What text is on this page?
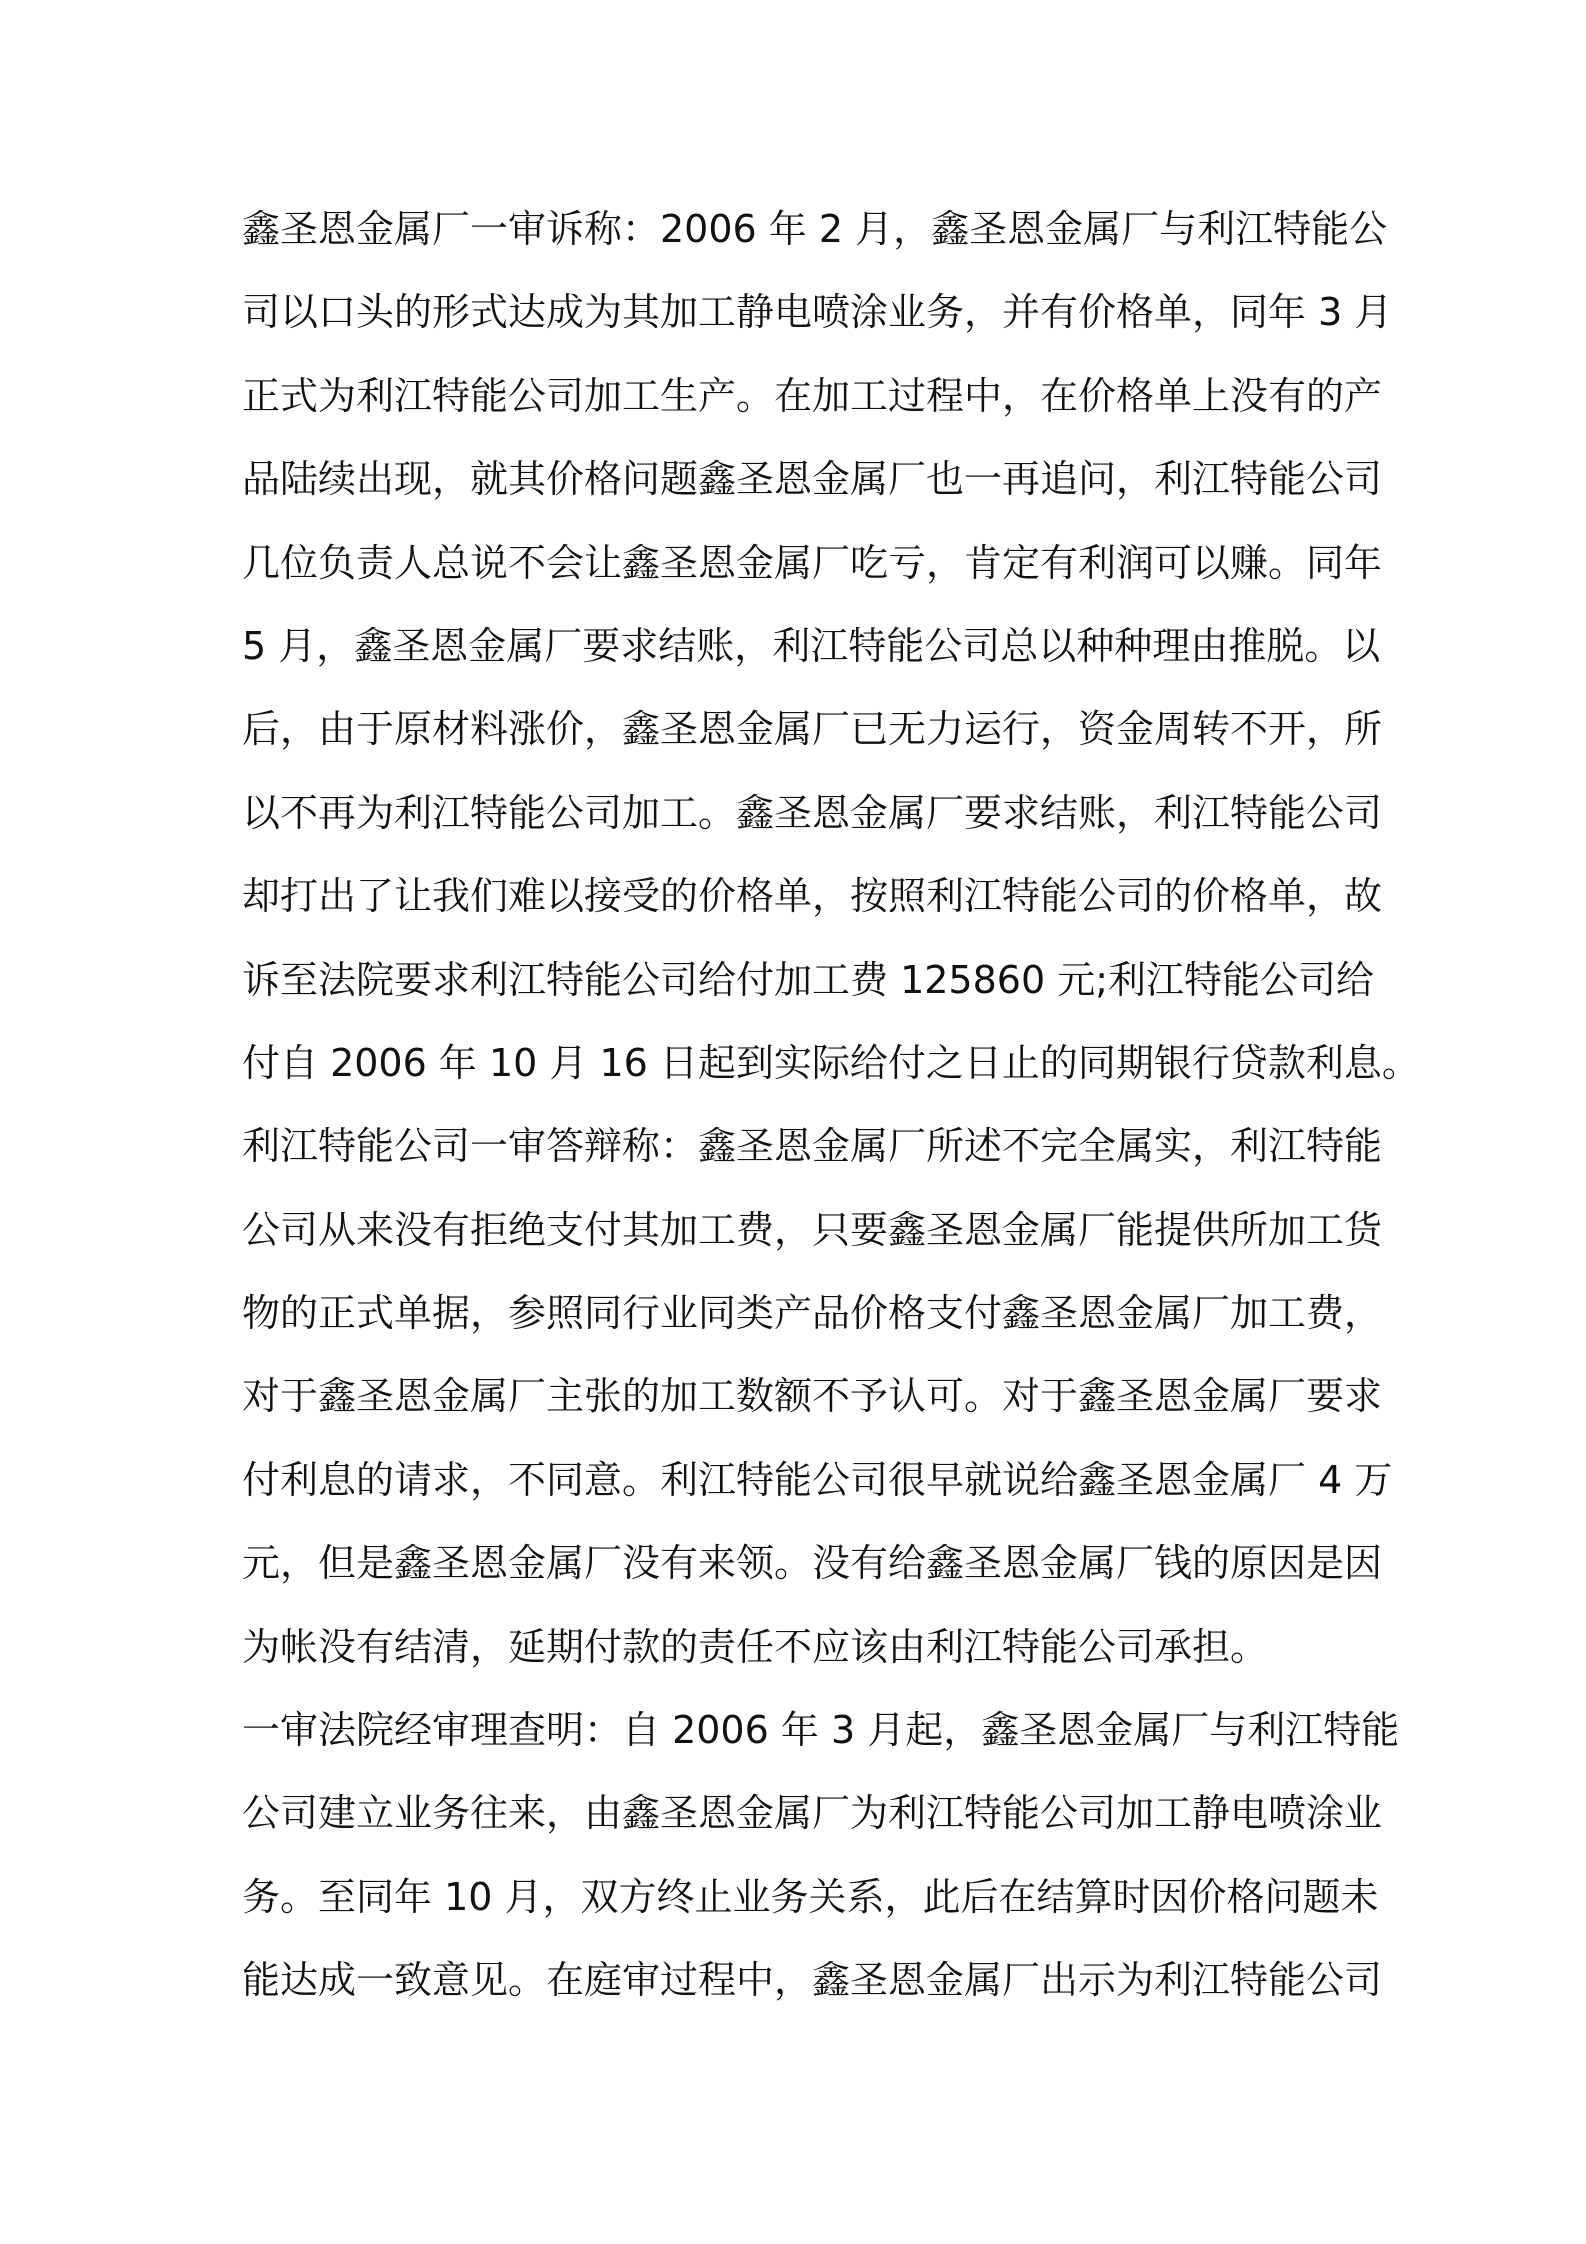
鑫圣恩金属厂一审诉称：2006 年 2 月，鑫圣恩金属厂与利江特能公
司以口头的形式达成为其加工静电喷涂业务，并有价格单，同年 3 月
正式为利江特能公司加工生产。在加工过程中，在价格单上没有的产
品陆续出现，就其价格问题鑫圣恩金属厂也一再追问，利江特能公司
几位负责人总说不会让鑫圣恩金属厂吃亏，肯定有利润可以赚。同年
5 月，鑫圣恩金属厂要求结账，利江特能公司总以种种理由推脱。以
后，由于原材料涨价，鑫圣恩金属厂已无力运行，资金周转不开，所
以不再为利江特能公司加工。鑫圣恩金属厂要求结账，利江特能公司
却打出了让我们难以接受的价格单，按照利江特能公司的价格单，故
诉至法院要求利江特能公司给付加工费 125860 元;利江特能公司给
付自 2006 年 10 月 16 日起到实际给付之日止的同期银行贷款利息。
利江特能公司一审答辩称：鑫圣恩金属厂所述不完全属实，利江特能
公司从来没有拒绝支付其加工费，只要鑫圣恩金属厂能提供所加工货
物的正式单据，参照同行业同类产品价格支付鑫圣恩金属厂加工费，
对于鑫圣恩金属厂主张的加工数额不予认可。对于鑫圣恩金属厂要求
付利息的请求，不同意。利江特能公司很早就说给鑫圣恩金属厂 4 万
元，但是鑫圣恩金属厂没有来领。没有给鑫圣恩金属厂钱的原因是因
为帐没有结清，延期付款的责任不应该由利江特能公司承担。
一审法院经审理查明：自 2006 年 3 月起，鑫圣恩金属厂与利江特能
公司建立业务往来，由鑫圣恩金属厂为利江特能公司加工静电喷涂业
务。至同年 10 月，双方终止业务关系，此后在结算时因价格问题未
能达成一致意见。在庭审过程中，鑫圣恩金属厂出示为利江特能公司
